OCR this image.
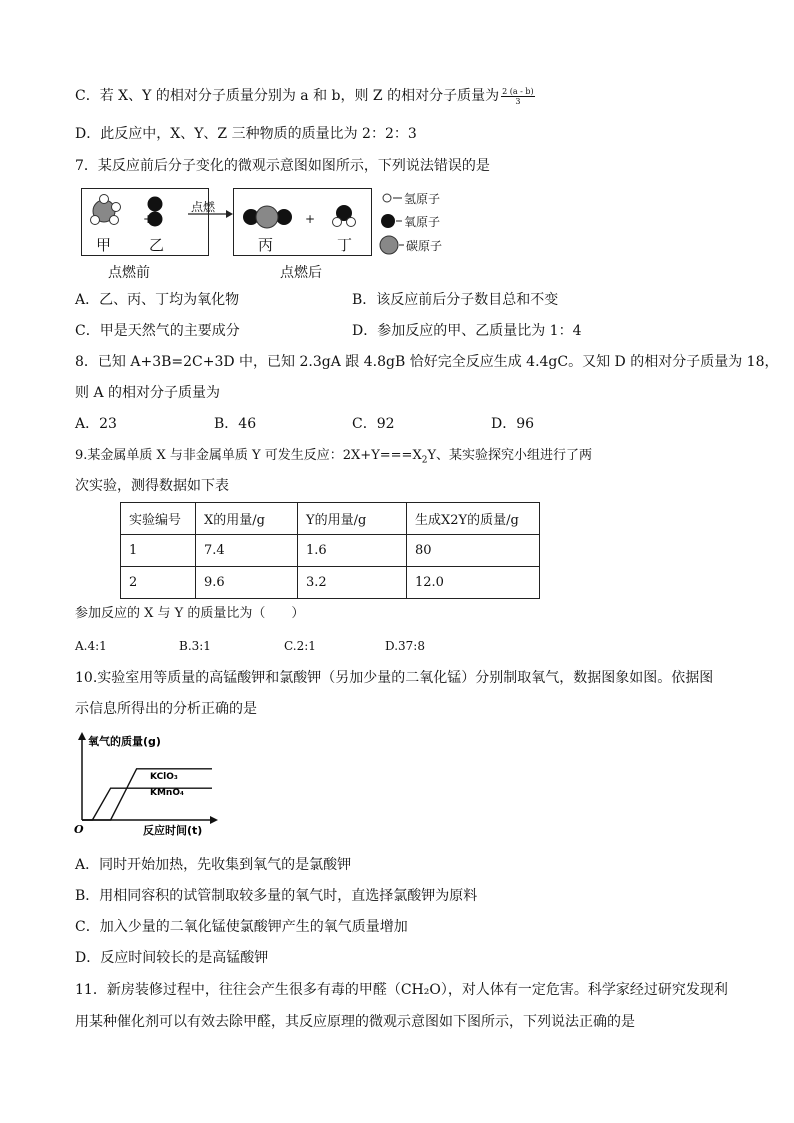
C．若 X、Y 的相对分子质量分别为 a 和 b，则 Z 的相对分子质量为 $\frac{2 (a - b)}{3}$
D．此反应中，X、Y、Z 三种物质的质量比为 2：2：3
7．某反应前后分子变化的微观示意图如图所示，下列说法错误的是
+	+
点燃
甲	乙	丙	丁
氢原子
氧原子
碳原子
点燃前	点燃后
A．乙、丙、丁均为氧化物	B．该反应前后分子数目总和不变
C．甲是天然气的主要成分	D．参加反应的甲、乙质量比为 1：4
8．已知 A+3B=2C+3D 中，已知 2.3gA 跟 4.8gB 恰好完全反应生成 4.4gC。又知 D 的相对分子质量为 18，
则 A 的相对分子质量为
A．23	B．46	C．92	D．96
9.某金属单质 X 与非金属单质 Y 可发生反应：$2X+Y===X_2Y$、某实验探究小组进行了两
次实验，测得数据如下表
实验编号	X的用量/g	Y的用量/g	生成X2Y的质量/g
1	7.4	1.6	80
2	9.6	3.2	12.0
参加反应的 X 与 Y 的质量比为（　　）
A.4:1	B.3:1	C.2:1	D.37:8
10.实验室用等质量的高锰酸钾和氯酸钾（另加少量的二氧化锰）分别制取氧气，数据图象如图。依据图
示信息所得出的分析正确的是
氧气的质量(g)
反应时间(t)
O
KClO₃
KMnO₄
A．同时开始加热，先收集到氧气的是氯酸钾
B．用相同容积的试管制取较多量的氧气时，直选择氯酸钾为原料
C．加入少量的二氧化锰使氯酸钾产生的氧气质量增加
D．反应时间较长的是高锰酸钾
11．新房装修过程中，往往会产生很多有毒的甲醛（CH₂O），对人体有一定危害。科学家经过研究发现利
用某种催化剂可以有效去除甲醛，其反应原理的微观示意图如下图所示，下列说法正确的是
